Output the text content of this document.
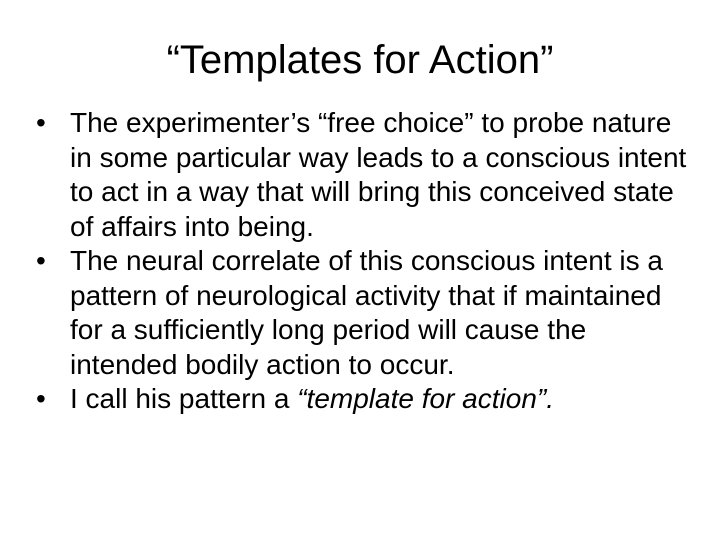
“Templates for Action”
• The experimenter’s “free choice” to probe nature in some particular way leads to a conscious intent to act in a way that will bring this conceived state of affairs into being.
• The neural correlate of this conscious intent is a pattern of neurological activity that if maintained for a sufficiently long period will cause the intended bodily action to occur.
• I call his pattern a “template for action”.
